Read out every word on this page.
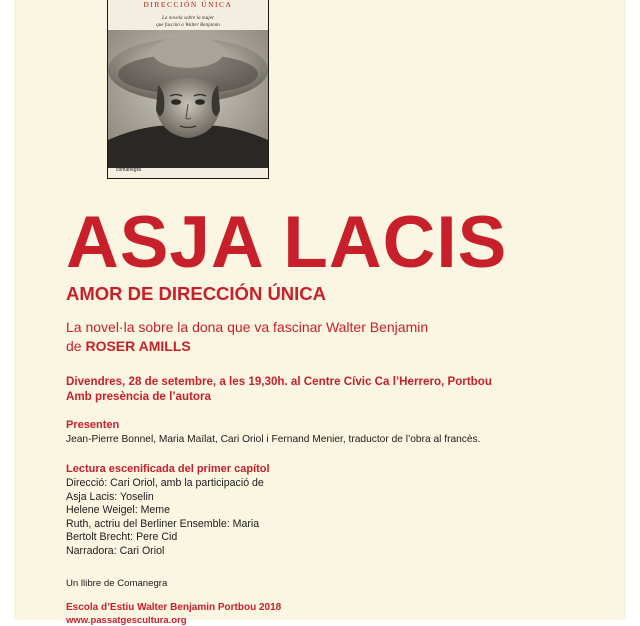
DIRECCIÓN ÚNICA
La novela sobre la mujer
que fascinó a Walter Benjamin
comanegra
ASJA LACIS
AMOR DE DIRECCIÓN ÚNICA
La novel·la sobre la dona que va fascinar Walter Benjamin
de ROSER AMILLS
Divendres, 28 de setembre, a les 19,30h. al Centre Cívic Ca l’Herrero, Portbou
Amb presència de l’autora
Presenten
Jean-Pierre Bonnel, Maria Maïlat, Cari Oriol i Fernand Menier, traductor de l’obra al francès.
Lectura escenificada del primer capítol
Direcció: Cari Oriol, amb la participació de
Asja Lacis: Yoselin
Helene Weigel: Meme
Ruth, actriu del Berliner Ensemble: Maria
Bertolt Brecht: Pere Cid
Narradora: Cari Oriol
Un llibre de Comanegra
Escola d’Estiu Walter Benjamin Portbou 2018
www.passatgescultura.org
